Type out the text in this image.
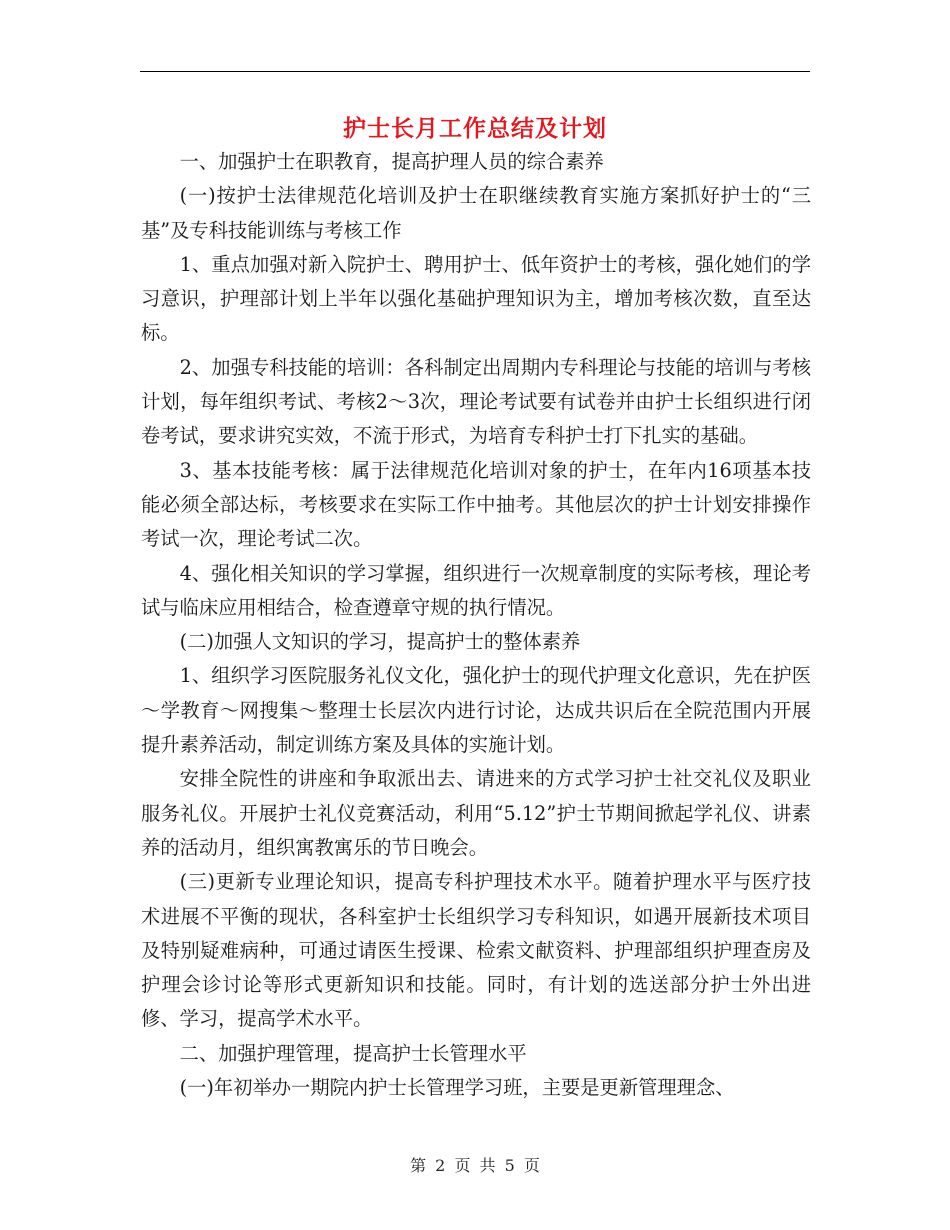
护士长月工作总结及计划

一、加强护士在职教育，提高护理人员的综合素养

(一)按护士法律规范化培训及护士在职继续教育实施方案抓好护士的“三基”及专科技能训练与考核工作

1、重点加强对新入院护士、聘用护士、低年资护士的考核，强化她们的学习意识，护理部计划上半年以强化基础护理知识为主，增加考核次数，直至达标。

2、加强专科技能的培训：各科制定出周期内专科理论与技能的培训与考核计划，每年组织考试、考核2～3次，理论考试要有试卷并由护士长组织进行闭卷考试，要求讲究实效，不流于形式，为培育专科护士打下扎实的基础。

3、基本技能考核：属于法律规范化培训对象的护士，在年内16项基本技能必须全部达标，考核要求在实际工作中抽考。其他层次的护士计划安排操作考试一次，理论考试二次。

4、强化相关知识的学习掌握，组织进行一次规章制度的实际考核，理论考试与临床应用相结合，检查遵章守规的执行情况。

(二)加强人文知识的学习，提高护士的整体素养

1、组织学习医院服务礼仪文化，强化护士的现代护理文化意识，先在护医～学教育～网搜集～整理士长层次内进行讨论，达成共识后在全院范围内开展提升素养活动，制定训练方案及具体的实施计划。

安排全院性的讲座和争取派出去、请进来的方式学习护士社交礼仪及职业服务礼仪。开展护士礼仪竞赛活动，利用“5.12”护士节期间掀起学礼仪、讲素养的活动月，组织寓教寓乐的节日晚会。

(三)更新专业理论知识，提高专科护理技术水平。随着护理水平与医疗技术进展不平衡的现状，各科室护士长组织学习专科知识，如遇开展新技术项目及特别疑难病种，可通过请医生授课、检索文献资料、护理部组织护理查房及护理会诊讨论等形式更新知识和技能。同时，有计划的选送部分护士外出进修、学习，提高学术水平。

二、加强护理管理，提高护士长管理水平

(一)年初举办一期院内护士长管理学习班，主要是更新管理理念、

第 2 页 共 5 页
